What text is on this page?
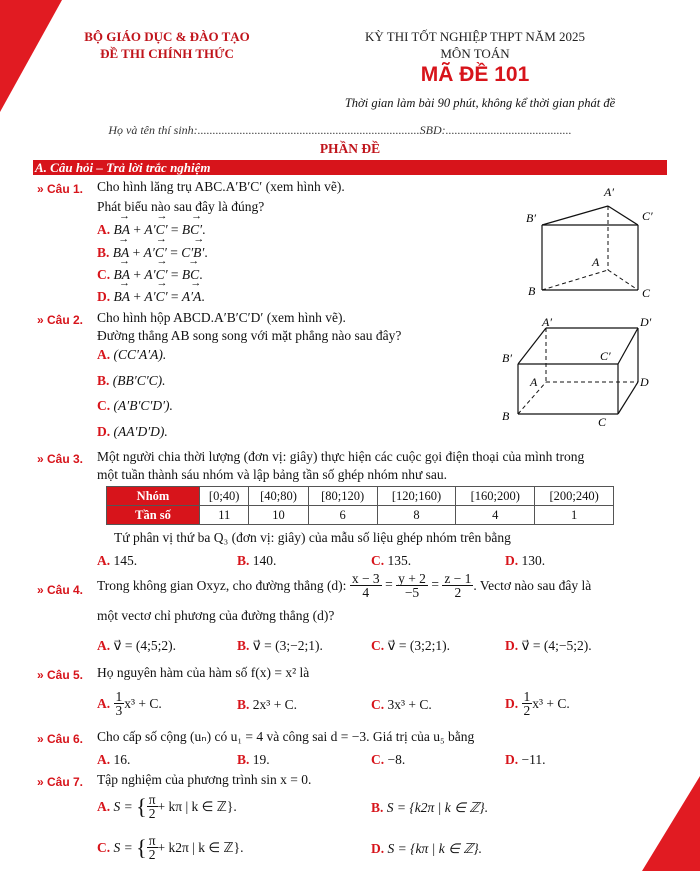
BỘ GIÁO DỤC & ĐÀO TẠO
ĐỀ THI CHÍNH THỨC
KỲ THI TỐT NGHIỆP THPT NĂM 2025
MÔN TOÁN
MÃ ĐỀ 101
Thời gian làm bài 90 phút, không kể thời gian phát đề
Họ và tên thí sinh:..........................................................................SBD:..........................................
PHẦN ĐỀ
A. Câu hỏi – Trả lời trắc nghiệm
» Câu 1. Cho hình lăng trụ ABC.A′B′C′ (xem hình vẽ).
Phát biểu nào sau đây là đúng?
A. → BA + → A′C′ = → BC′.
B. → BA + → A′C′ = → C′B′.
C. → BA + → A′C′ = → BC.
D. → BA + → A′C′ = → A′A.
A′
B′	C′
A
B	C
» Câu 2. Cho hình hộp ABCD.A′B′C′D′ (xem hình vẽ).
Đường thẳng AB song song với mặt phẳng nào sau đây?
A. (CC′A′A).
B. (BB′C′C).
C. (A′B′C′D′).
D. (AA′D′D).
A′	D′
B′	C′
A	D
B	C
» Câu 3. Một người chia thời lượng (đơn vị: giây) thực hiện các cuộc gọi điện thoại của mình trong
một tuần thành sáu nhóm và lập bảng tần số ghép nhóm như sau.
Nhóm	[0;40)	[40;80)	[80;120)	[120;160)	[160;200)	[200;240)
Tần số	11	10	6	8	4	1
Tứ phân vị thứ ba Q₃ (đơn vị: giây) của mẫu số liệu ghép nhóm trên bằng
A. 145.	B. 140.	C. 135.	D. 130.
» Câu 4. Trong không gian Oxyz, cho đường thẳng (d): $\frac{x - 3}{4} = \frac{y + 2}{-5} = \frac{z - 1}{2}$ . Vectơ nào sau đây là
một vectơ chỉ phương của đường thẳng (d)?
A. v⃗ = (4;5;2).	B. v⃗ = (3;−2;1).	C. v⃗ = (3;2;1).	D. v⃗ = (4;−5;2).
» Câu 5. Họ nguyên hàm của hàm số f(x) = x² là
A. $\frac{1}{3} x^3 + C$.	B. 2x³ + C.	C. 3x³ + C.	D. $\frac{1}{2} x^3 + C$.
» Câu 6. Cho cấp số cộng (uₙ) có u₁ = 4 và công sai d = −3. Giá trị của u₅ bằng
A. 16.	B. 19.	C. −8.	D. −11.
» Câu 7. Tập nghiệm của phương trình sin x = 0.
A. S = { $\frac{\pi}{2} + k\pi$ | k ∈ ℤ}.	B. S = {k2π | k ∈ ℤ}.
C. S = { $\frac{\pi}{2} + k2\pi$ | k ∈ ℤ}.	D. S = {kπ | k ∈ ℤ}.
